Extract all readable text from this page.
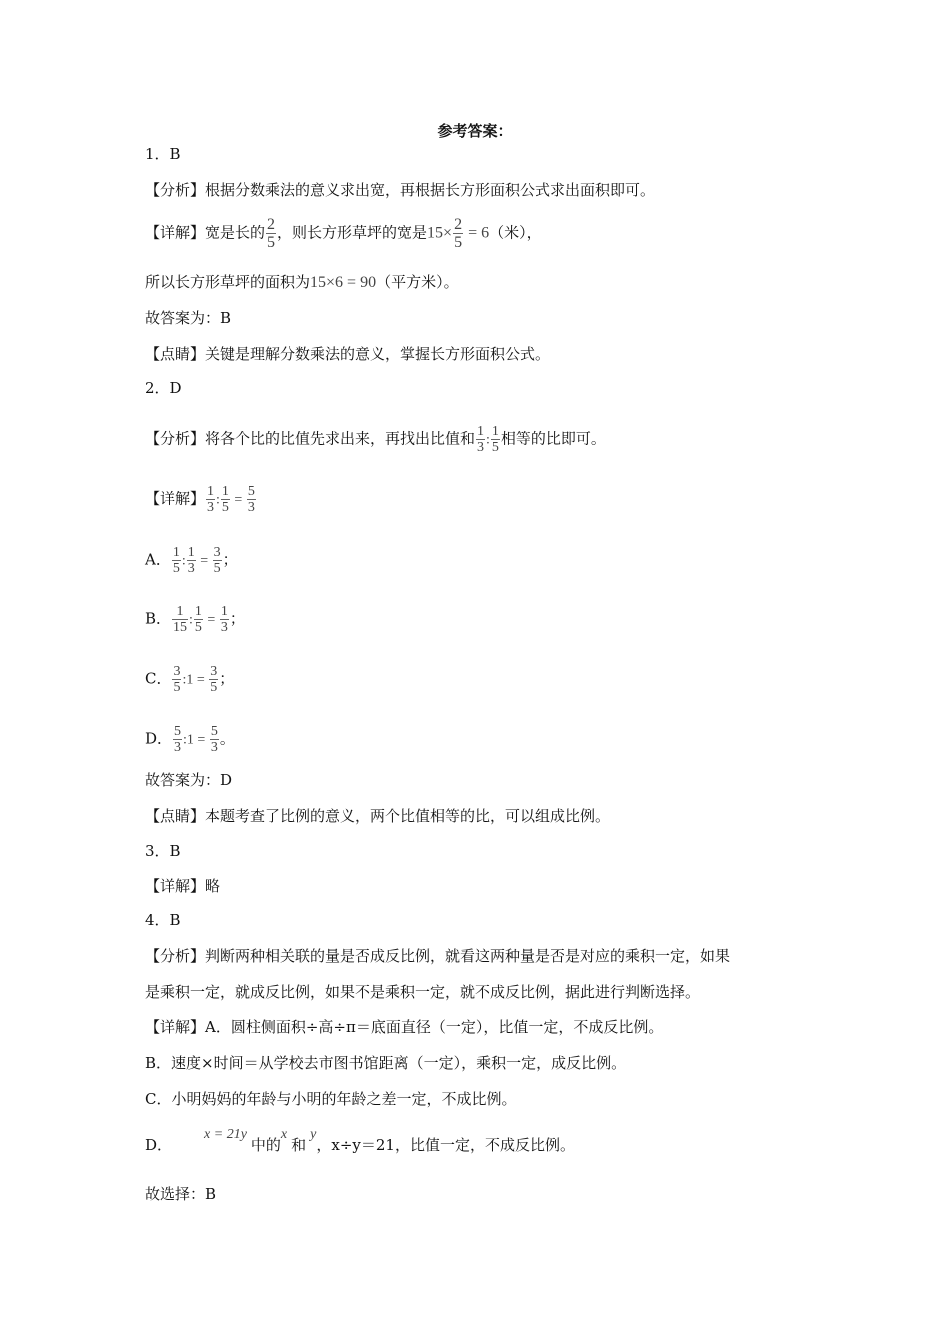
参考答案：
1．B
【分析】根据分数乘法的意义求出宽，再根据长方形面积公式求出面积即可。
【详解】宽是长的 $\frac{2}{5}$ ，则长方形草坪的宽是$15\times \frac{2}{5} = 6$（米），
所以长方形草坪的面积为15×6 = 90（平方米）。
故答案为：B
【点睛】关键是理解分数乘法的意义，掌握长方形面积公式。
2．D
【分析】将各个比的比值先求出来，再找出比值和 $\frac{1}{3}$ : $\frac{1}{5}$ 相等的比即可。
【详解】 $\frac{1}{3}$ : $\frac{1}{5} = \frac{5}{3}$
A． $\frac{1}{5}$ : $\frac{1}{3} = \frac{3}{5}$ ；
B． $\frac{1}{15}$ : $\frac{1}{5} = \frac{1}{3}$ ；
C． $\frac{3}{5}$ :1 = $\frac{3}{5}$ ；
D． $\frac{5}{3}$ :1 = $\frac{5}{3}$ 。
故答案为：D
【点睛】本题考查了比例的意义，两个比值相等的比，可以组成比例。
3．B
【详解】略
4．B
【分析】判断两种相关联的量是否成反比例，就看这两种量是否是对应的乘积一定，如果
是乘积一定，就成反比例，如果不是乘积一定，就不成反比例，据此进行判断选择。
【详解】A．圆柱侧面积÷高÷π＝底面直径（一定），比值一定，不成反比例。
B．速度×时间＝从学校去市图书馆距离（一定），乘积一定，成反比例。
C．小明妈妈的年龄与小明的年龄之差一定，不成比例。
D．x = 21y中的x和y，x÷y＝21，比值一定，不成反比例。
故选择：B
